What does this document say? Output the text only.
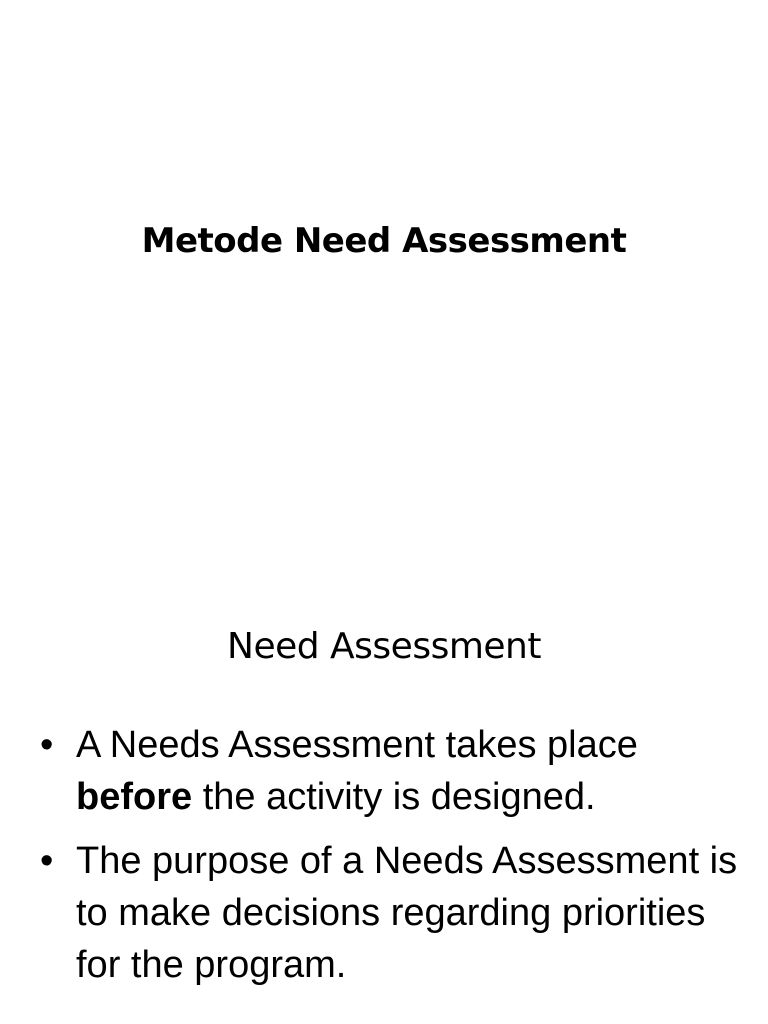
Metode Need Assessment
Need Assessment
• A Needs Assessment takes place
before the activity is designed.
• The purpose of a Needs Assessment is to make decisions regarding priorities for the program.
